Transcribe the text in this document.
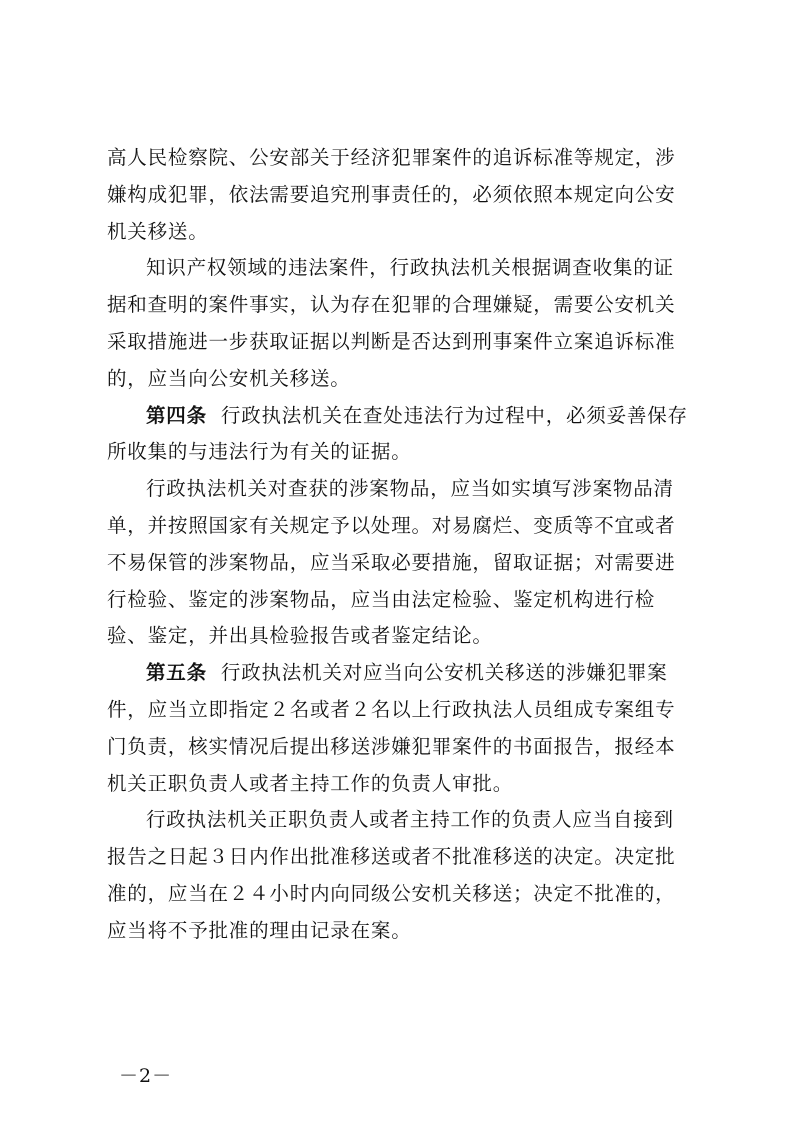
高人民检察院、公安部关于经济犯罪案件的追诉标准等规定，涉嫌构成犯罪，依法需要追究刑事责任的，必须依照本规定向公安机关移送。

知识产权领域的违法案件，行政执法机关根据调查收集的证据和查明的案件事实，认为存在犯罪的合理嫌疑，需要公安机关采取措施进一步获取证据以判断是否达到刑事案件立案追诉标准的，应当向公安机关移送。

第四条 行政执法机关在查处违法行为过程中，必须妥善保存所收集的与违法行为有关的证据。

行政执法机关对查获的涉案物品，应当如实填写涉案物品清单，并按照国家有关规定予以处理。对易腐烂、变质等不宜或者不易保管的涉案物品，应当采取必要措施，留取证据；对需要进行检验、鉴定的涉案物品，应当由法定检验、鉴定机构进行检验、鉴定，并出具检验报告或者鉴定结论。

第五条 行政执法机关对应当向公安机关移送的涉嫌犯罪案件，应当立即指定２名或者２名以上行政执法人员组成专案组专门负责，核实情况后提出移送涉嫌犯罪案件的书面报告，报经本机关正职负责人或者主持工作的负责人审批。

行政执法机关正职负责人或者主持工作的负责人应当自接到报告之日起３日内作出批准移送或者不批准移送的决定。决定批准的，应当在２４小时内向同级公安机关移送；决定不批准的，应当将不予批准的理由记录在案。

－2－
